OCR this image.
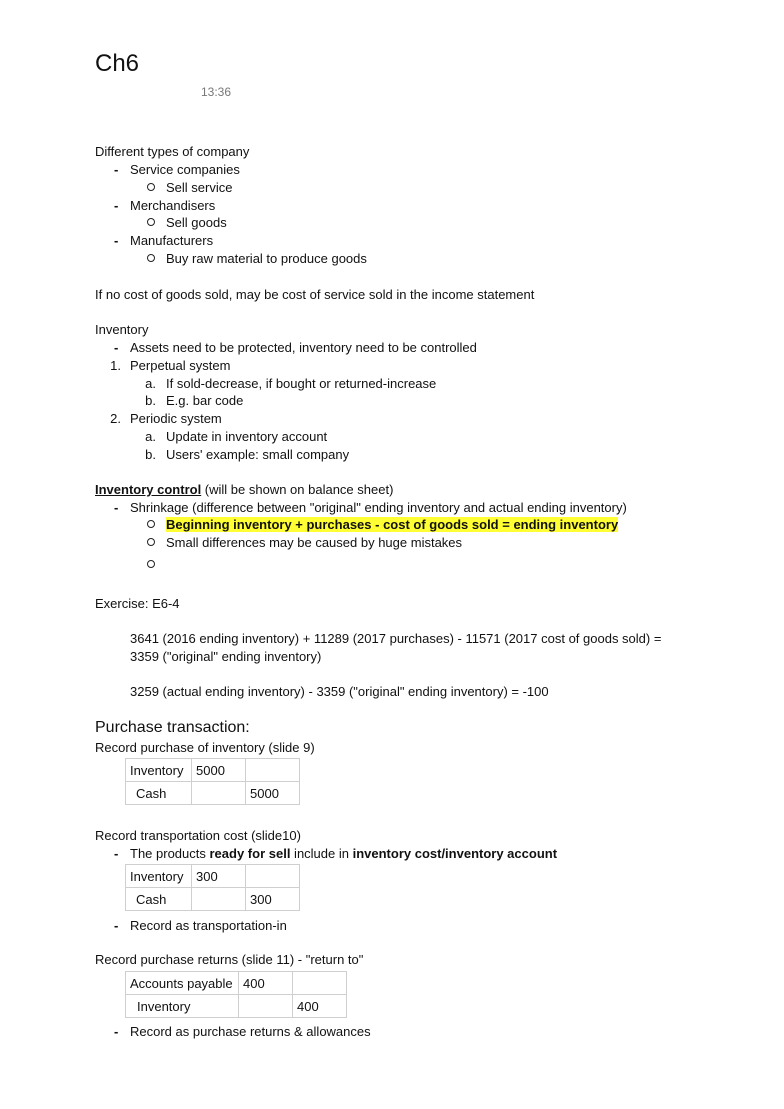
Ch6
13:36
Different types of company
- Service companies
Sell service
- Merchandisers
Sell goods
- Manufacturers
Buy raw material to produce goods
If no cost of goods sold, may be cost of service sold in the income statement
Inventory
- Assets need to be protected, inventory need to be controlled
1. Perpetual system
a. If sold-decrease, if bought or returned-increase
b. E.g. bar code
2. Periodic system
a. Update in inventory account
b. Users' example: small company
Inventory control (will be shown on balance sheet)
- Shrinkage (difference between "original" ending inventory and actual ending inventory)
Beginning inventory + purchases - cost of goods sold = ending inventory
Small differences may be caused by huge mistakes
Exercise: E6-4
3641 (2016 ending inventory) + 11289 (2017 purchases) - 11571 (2017 cost of goods sold) =
3359 ("original" ending inventory)
3259 (actual ending inventory) - 3359 ("original" ending inventory) = -100
Purchase transaction:
Record purchase of inventory (slide 9)
Inventory	5000	
Cash		5000
Record transportation cost (slide10)
- The products ready for sell include in inventory cost/inventory account
Inventory	300	
Cash		300
- Record as transportation-in
Record purchase returns (slide 11) - "return to"
Accounts payable	400	
Inventory		400
- Record as purchase returns & allowances
